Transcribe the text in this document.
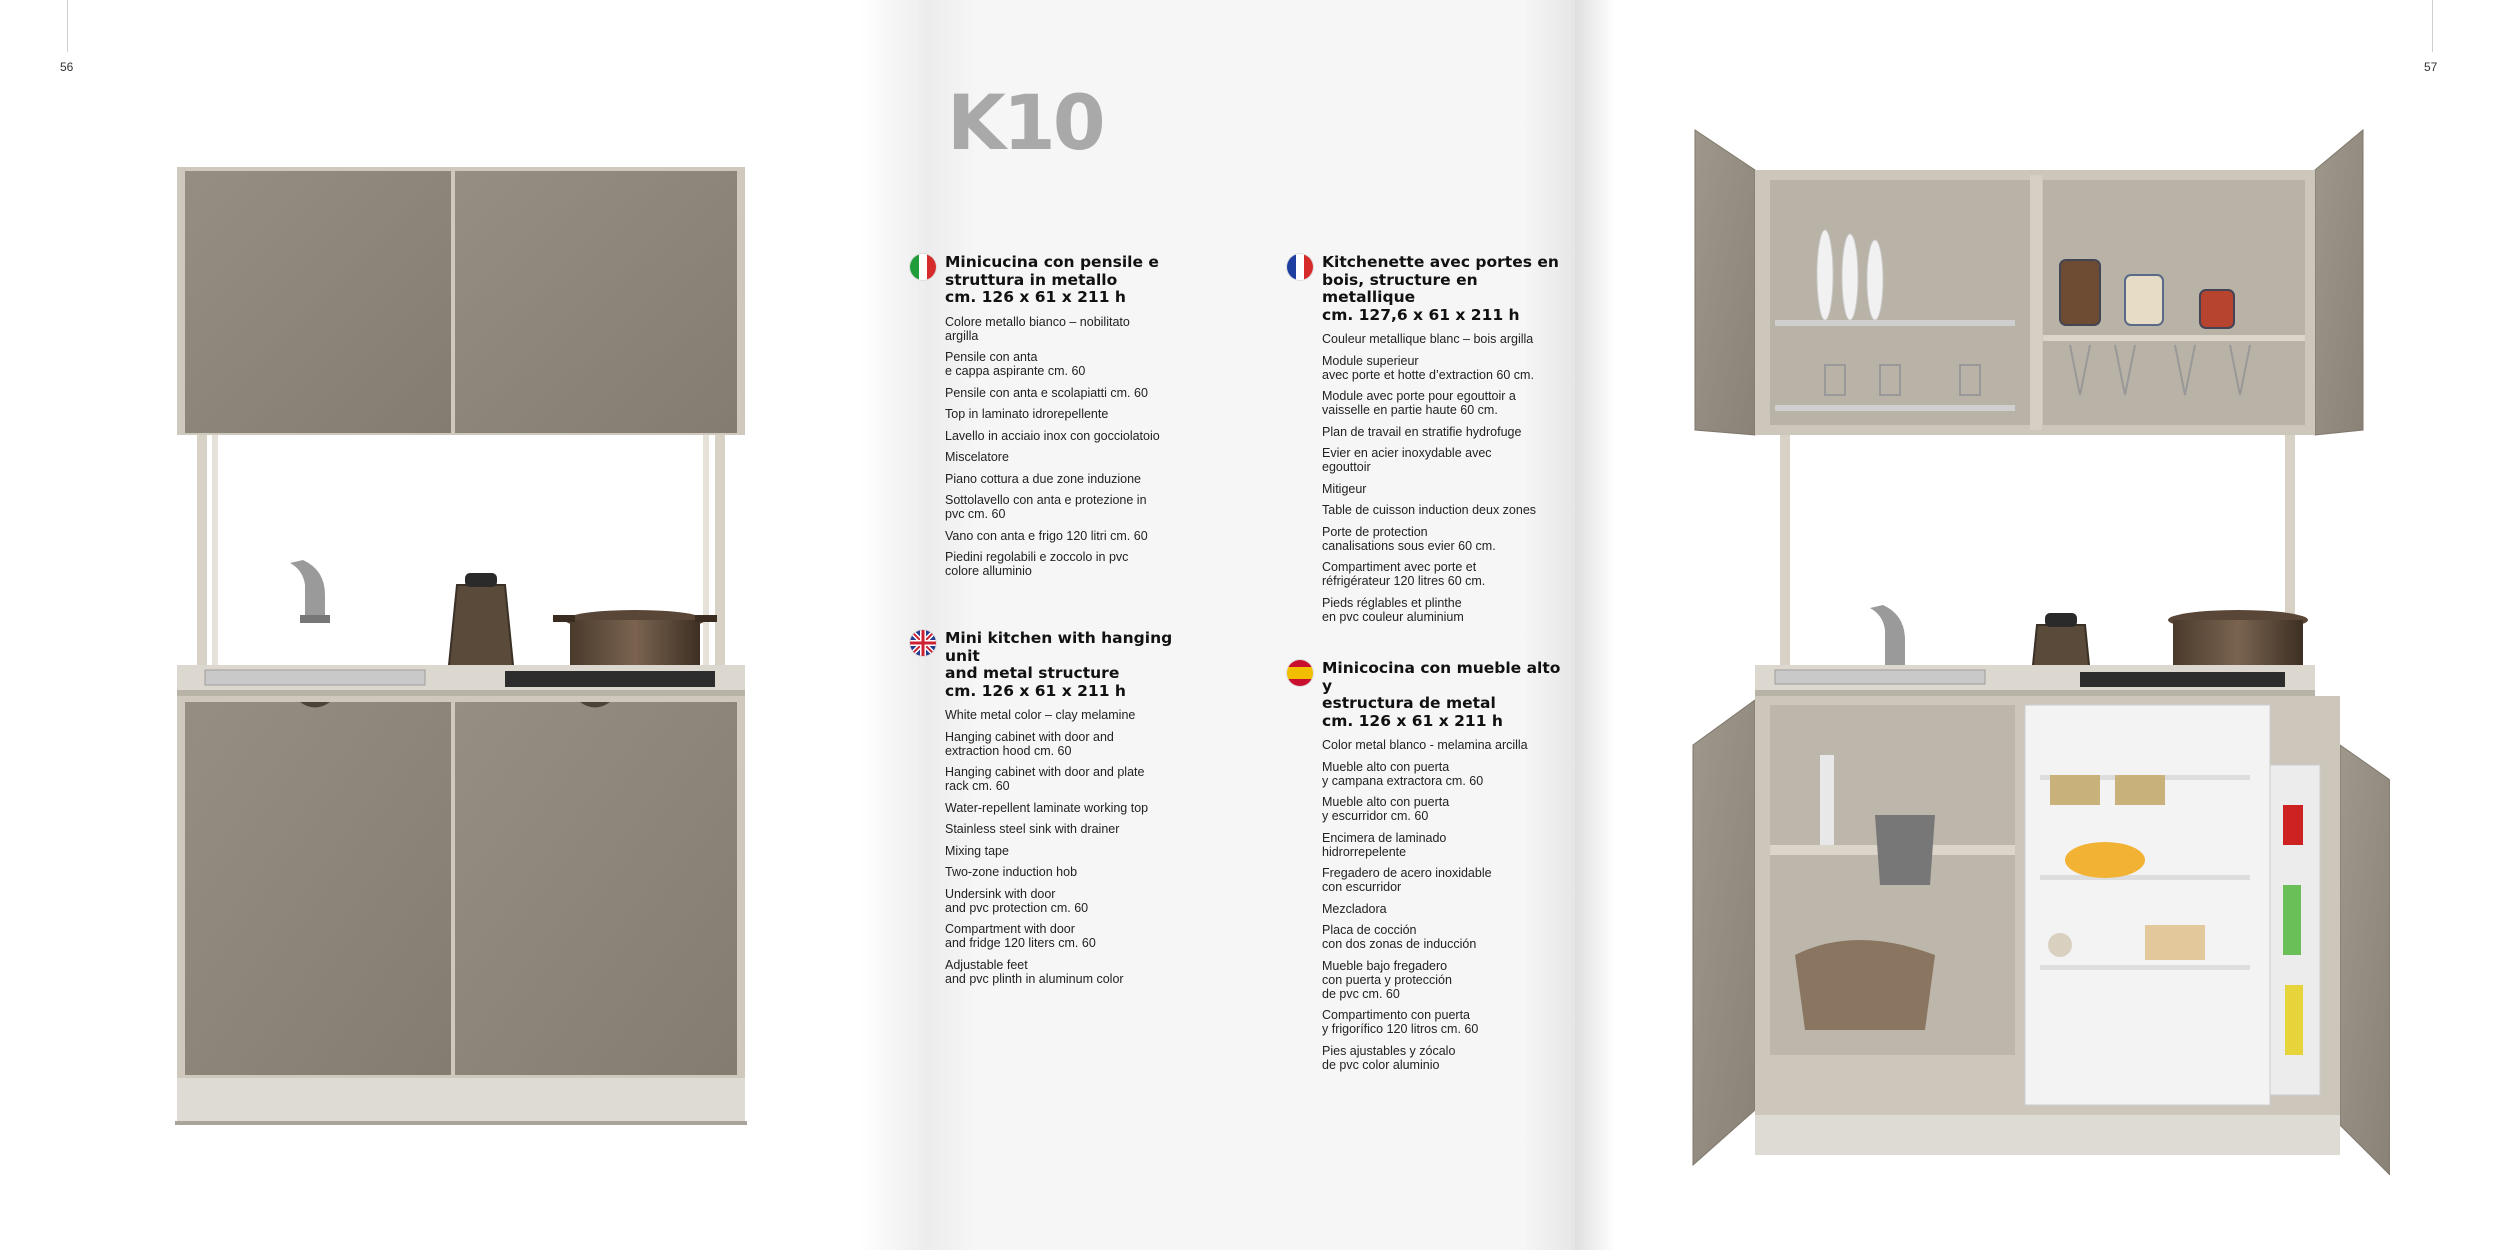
56	57
K10
Minicucina con pensile e
struttura in metallo
cm. 126 x 61 x 211 h
Colore metallo bianco – nobilitato
argilla
Pensile con anta
e cappa aspirante cm. 60
Pensile con anta e scolapiatti cm. 60
Top in laminato idrorepellente
Lavello in acciaio inox con gocciolatoio
Miscelatore
Piano cottura a due zone induzione
Sottolavello con anta e protezione in
pvc cm. 60
Vano con anta e frigo 120 litri cm. 60
Piedini regolabili e zoccolo in pvc
colore alluminio
Mini kitchen with hanging unit
and metal structure
cm. 126 x 61 x 211 h
White metal color – clay melamine
Hanging cabinet with door and
extraction hood cm. 60
Hanging cabinet with door and plate
rack cm. 60
Water-repellent laminate working top
Stainless steel sink with drainer
Mixing tape
Two-zone induction hob
Undersink with door
and pvc protection cm. 60
Compartment with door
and fridge 120 liters cm. 60
Adjustable feet
and pvc plinth in aluminum color
Kitchenette avec portes en
bois, structure en metallique
cm. 127,6 x 61 x 211 h
Couleur metallique blanc – bois argilla
Module superieur
avec porte et hotte d’extraction 60 cm.
Module avec porte pour egouttoir a
vaisselle en partie haute 60 cm.
Plan de travail en stratifie hydrofuge
Evier en acier inoxydable avec
egouttoir
Mitigeur
Table de cuisson induction deux zones
Porte de protection
canalisations sous evier 60 cm.
Compartiment avec porte et
réfrigérateur 120 litres 60 cm.
Pieds réglables et plinthe
en pvc couleur aluminium
Minicocina con mueble alto y
estructura de metal
cm. 126 x 61 x 211 h
Color metal blanco - melamina arcilla
Mueble alto con puerta
y campana extractora cm. 60
Mueble alto con puerta
y escurridor cm. 60
Encimera de laminado
hidrorrepelente
Fregadero de acero inoxidable
con escurridor
Mezcladora
Placa de cocción
con dos zonas de inducción
Mueble bajo fregadero
con puerta y protección
de pvc cm. 60
Compartimento con puerta
y frigorífico 120 litros cm. 60
Pies ajustables y zócalo
de pvc color aluminio
